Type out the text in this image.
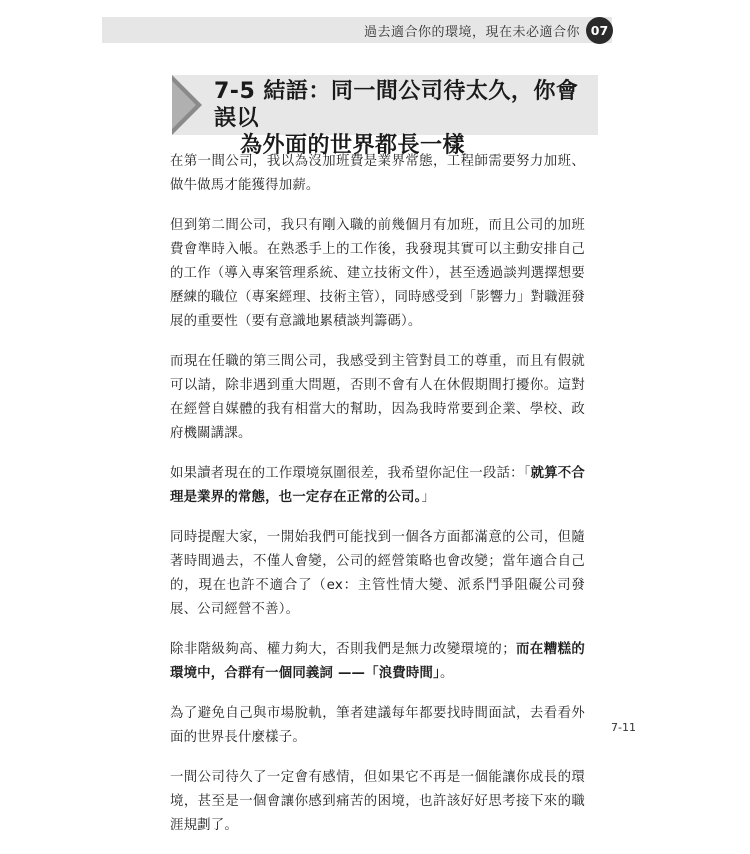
過去適合你的環境，現在未必適合你 07
7-5 結語：同一間公司待太久，你會誤以
為外面的世界都長一樣

在第一間公司，我以為沒加班費是業界常態，工程師需要努力加班、做牛做馬才能獲得加薪。

但到第二間公司，我只有剛入職的前幾個月有加班，而且公司的加班費會準時入帳。在熟悉手上的工作後，我發現其實可以主動安排自己的工作（導入專案管理系統、建立技術文件），甚至透過談判選擇想要歷練的職位（專案經理、技術主管），同時感受到「影響力」對職涯發展的重要性（要有意識地累積談判籌碼）。

而現在任職的第三間公司，我感受到主管對員工的尊重，而且有假就可以請，除非遇到重大問題，否則不會有人在休假期間打擾你。這對在經營自媒體的我有相當大的幫助，因為我時常要到企業、學校、政府機關講課。

如果讀者現在的工作環境氛圍很差，我希望你記住一段話：「就算不合理是業界的常態，也一定存在正常的公司。」

同時提醒大家，一開始我們可能找到一個各方面都滿意的公司，但隨著時間過去，不僅人會變，公司的經營策略也會改變；當年適合自己的，現在也許不適合了（ex：主管性情大變、派系鬥爭阻礙公司發展、公司經營不善）。

除非階級夠高、權力夠大，否則我們是無力改變環境的；而在糟糕的環境中，合群有一個同義詞 ——「浪費時間」。

為了避免自己與市場脫軌，筆者建議每年都要找時間面試，去看看外面的世界長什麼樣子。

一間公司待久了一定會有感情，但如果它不再是一個能讓你成長的環境，甚至是一個會讓你感到痛苦的困境，也許該好好思考接下來的職涯規劃了。

7-11
